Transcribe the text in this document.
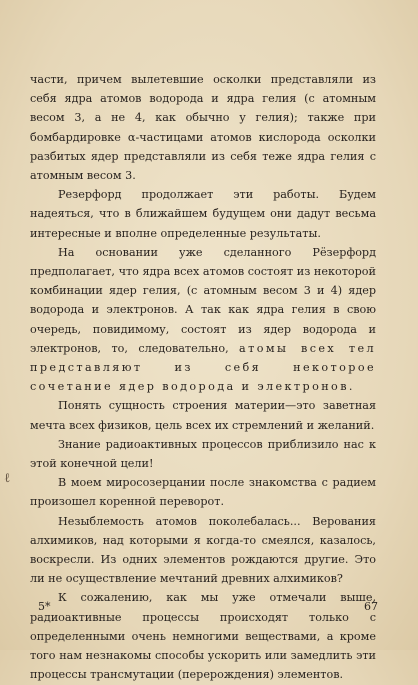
части, причем вылетевшие осколки представляли из себя ядра атомов водорода и ядра гелия (с атомным весом 3, а не 4, как обычно у гелия); также при бомбардировке α-частицами атомов кислорода осколки разбитых ядер представляли из себя теже ядра гелия с атомным весом 3.

Резерфорд продолжает эти работы. Будем надеяться, что в ближайшем будущем они дадут весьма интересные и вполне определенные результаты.

На основании уже сделанного Рёзерфорд предполагает, что ядра всех атомов состоят из некоторой комбинации ядер гелия, (с атомным весом 3 и 4) ядер водорода и электронов. А так как ядра гелия в свою очередь, повидимому, состоят из ядер водорода и электронов, то, следовательно, атомы всех тел представляют из себя некоторое сочетание ядер водорода и электронов.

Понять сущность строения материи—это заветная мечта всех физиков, цель всех их стремлений и желаний.

Знание радиоактивных процессов приблизило нас к этой конечной цели!

В моем миросозерцании после знакомства с радием произошел коренной переворот.

Незыблемость атомов поколебалась... Верования алхимиков, над которыми я когда-то смеялся, казалось, воскресли. Из одних элементов рождаются другие. Это ли не осуществление мечтаний древних алхимиков?

К сожалению, как мы уже отмечали выше, радиоактивные процессы происходят только с определенными очень немногими веществами, а кроме того нам незнакомы способы ускорить или замедлить эти процессы трансмутации (перерождения) элементов.

ℓ
5*	67
